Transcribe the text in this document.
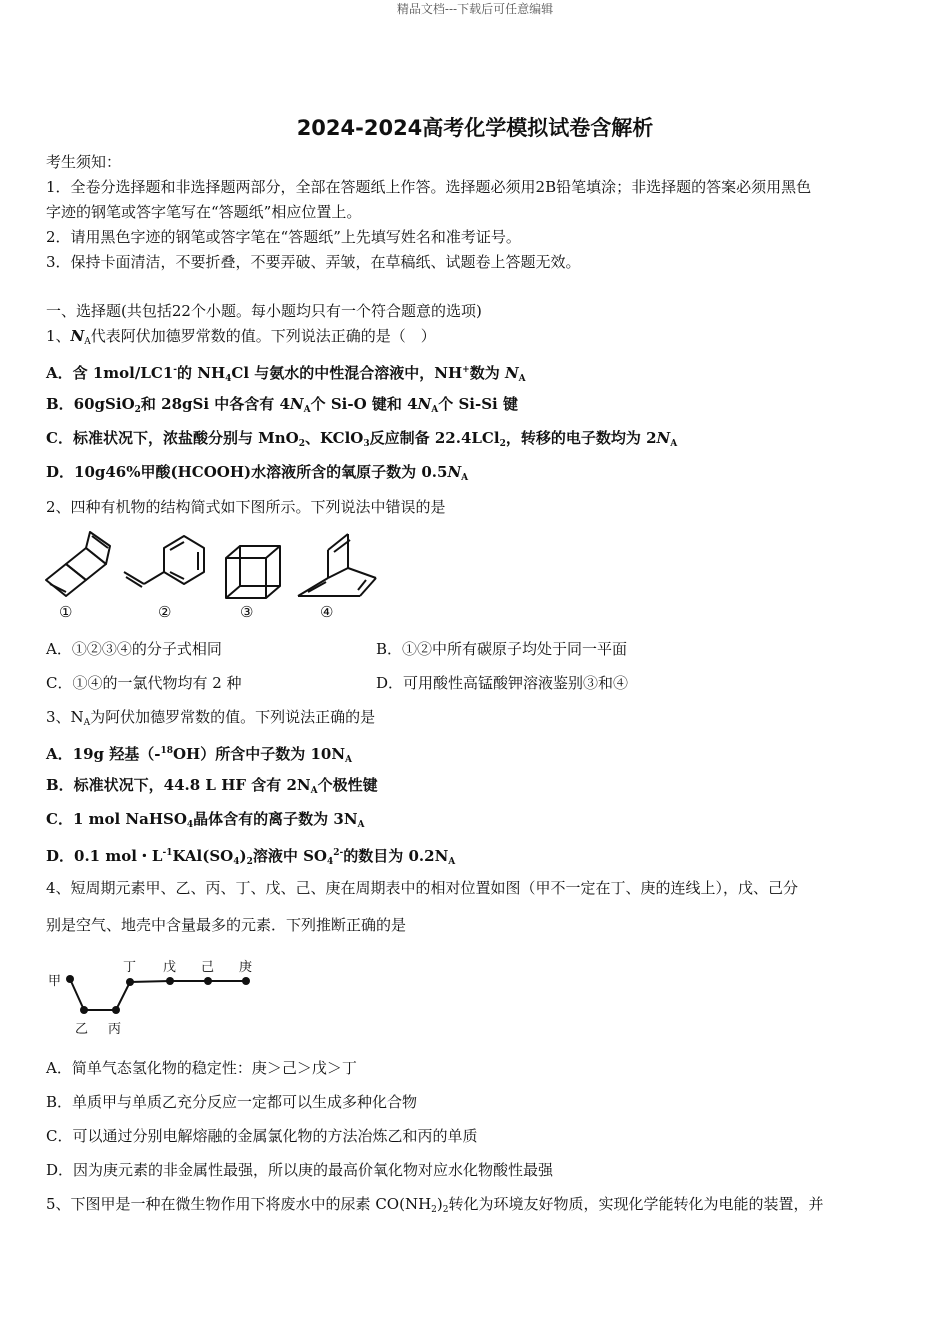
精品文档---下载后可任意编辑
2024-2024高考化学模拟试卷含解析
考生须知：
1．全卷分选择题和非选择题两部分，全部在答题纸上作答。选择题必须用2B铅笔填涂；非选择题的答案必须用黑色
字迹的钢笔或答字笔写在“答题纸”相应位置上。
2．请用黑色字迹的钢笔或答字笔在“答题纸”上先填写姓名和准考证号。
3．保持卡面清洁，不要折叠，不要弄破、弄皱，在草稿纸、试题卷上答题无效。
一、选择题(共包括22个小题。每小题均只有一个符合题意的选项)
1、$N_A$代表阿伏加德罗常数的值。下列说法正确的是（　）
A．含 1mol/LC1-的 $NH_4Cl$ 与氨水的中性混合溶液中，NH+数为 $N_A$
B．60gSiO$_2$和 28gSi 中各含有 $4N_A$个 Si-O 键和 $4N_A$个 Si-Si 键
C．标准状况下，浓盐酸分别与 MnO$_2$、KClO$_3$反应制备 22.4LCl$_2$，转移的电子数均为 $2N_A$
D．10g46%甲酸(HCOOH)水溶液所含的氧原子数为 $0.5N_A$
2、四种有机物的结构简式如下图所示。下列说法中错误的是
①	②	③	④
A．①②③④的分子式相同	B．①②中所有碳原子均处于同一平面
C．①④的一氯代物均有 2 种	D．可用酸性高锰酸钾溶液鉴别③和④
3、$N_A$为阿伏加德罗常数的值。下列说法正确的是
A．19g 羟基（-$^{18}$OH）所含中子数为 $10N_A$
B．标准状况下，44.8 L HF 含有 $2N_A$个极性键
C．1 mol NaHSO$_4$晶体含有的离子数为 $3N_A$
D．0.1 mol・$L^{-1}KAl(SO_4)_2$溶液中 $SO_4^{2-}$的数目为 $0.2N_A$
4、短周期元素甲、乙、丙、丁、戊、己、庚在周期表中的相对位置如图（甲不一定在丁、庚的连线上），戊、己分
别是空气、地壳中含量最多的元素．下列推断正确的是
甲
乙 丙
丁 戊 己 庚
A．简单气态氢化物的稳定性：庚＞己＞戊＞丁
B．单质甲与单质乙充分反应一定都可以生成多种化合物
C．可以通过分别电解熔融的金属氯化物的方法冶炼乙和丙的单质
D．因为庚元素的非金属性最强，所以庚的最高价氧化物对应水化物酸性最强
5、下图甲是一种在微生物作用下将废水中的尿素 $CO(NH_2)_2$转化为环境友好物质，实现化学能转化为电能的装置，并
